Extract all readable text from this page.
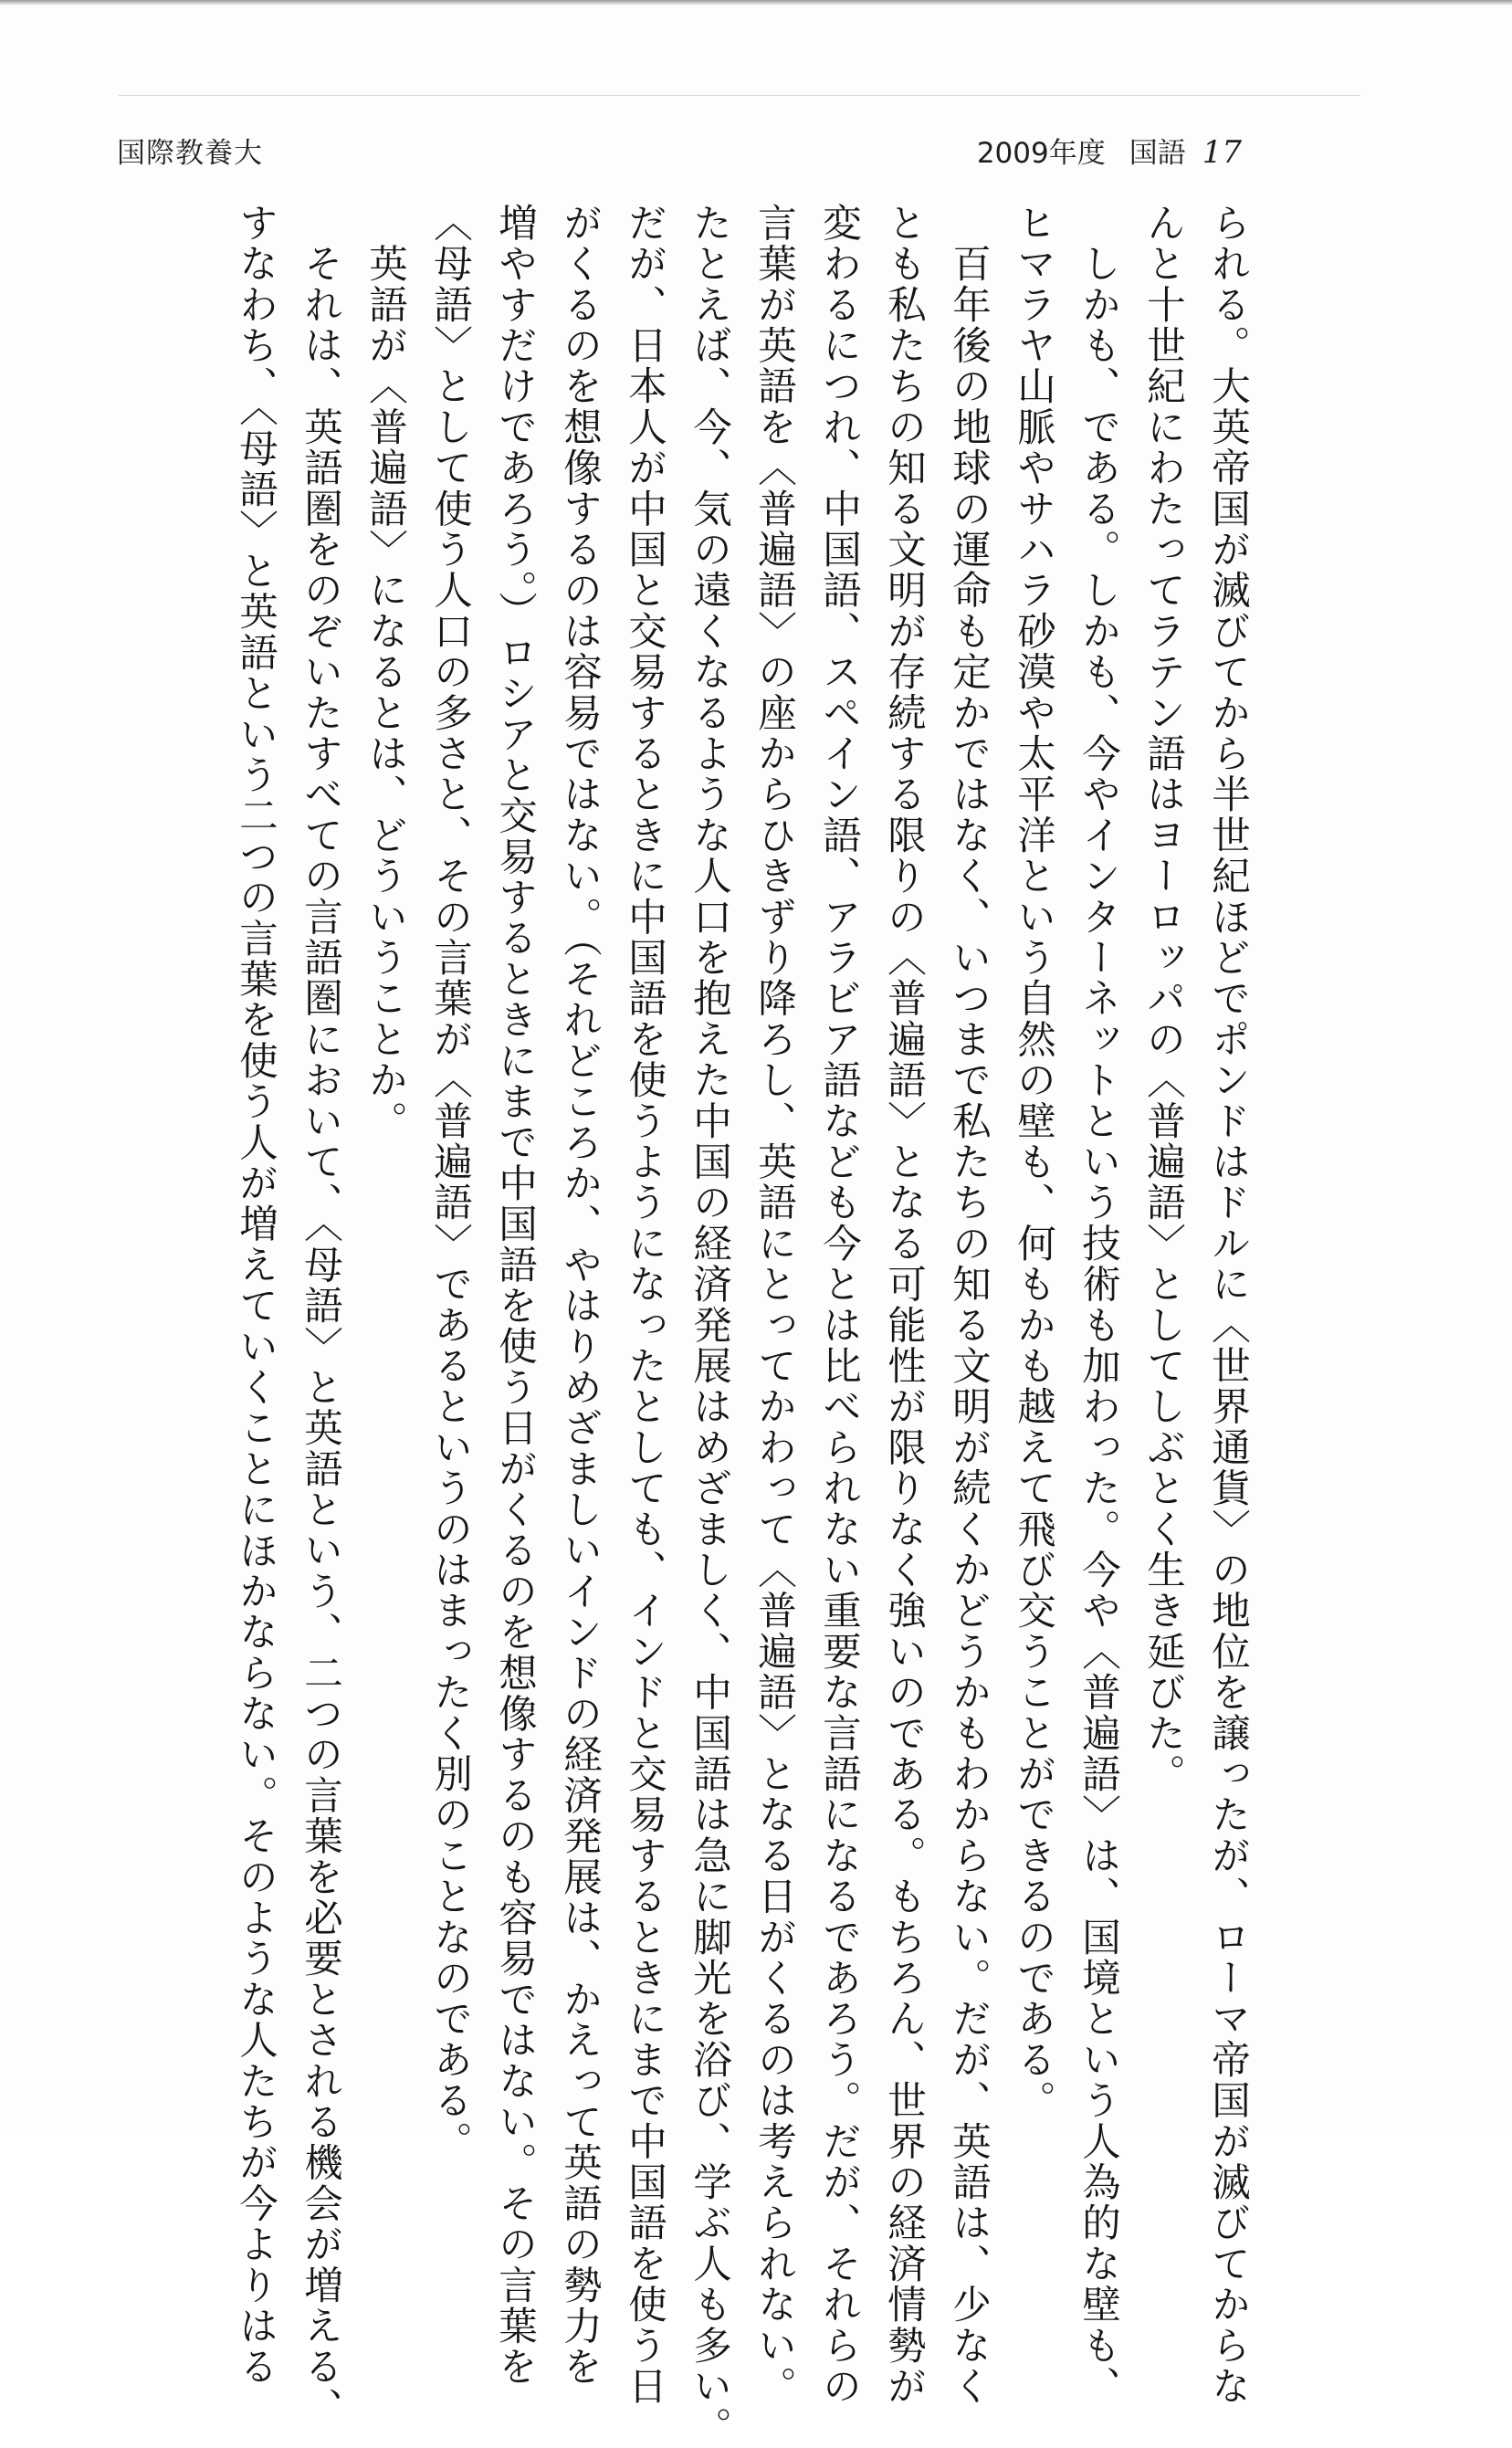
国際教養大	2009年度 国語 17
られる。大英帝国が滅びてから半世紀ほどでポンドはドルに〈世界通貨〉の地位を譲ったが、ローマ帝国が滅びてからな
んと十世紀にわたってラテン語はヨーロッパの〈普遍語〉としてしぶとく生き延びた。
　しかも、である。しかも、今やインターネットという技術も加わった。今や〈普遍語〉は、国境という人為的な壁も、
ヒマラヤ山脈やサハラ砂漠や太平洋という自然の壁も、何もかも越えて飛び交うことができるのである。
　百年後の地球の運命も定かではなく、いつまで私たちの知る文明が続くかどうかもわからない。だが、英語は、少なく
とも私たちの知る文明が存続する限りの〈普遍語〉となる可能性が限りなく強いのである。もちろん、世界の経済情勢が
変わるにつれ、中国語、スペイン語、アラビア語なども今とは比べられない重要な言語になるであろう。だが、それらの
言葉が英語を〈普遍語〉の座からひきずり降ろし、英語にとってかわって〈普遍語〉となる日がくるのは考えられない。
たとえば、今、気の遠くなるような人口を抱えた中国の経済発展はめざましく、中国語は急に脚光を浴び、学ぶ人も多い。
だが、日本人が中国と交易するときに中国語を使うようになったとしても、インドと交易するときにまで中国語を使う日
がくるのを想像するのは容易ではない。（それどころか、やはりめざましいインドの経済発展は、かえって英語の勢力を
増やすだけであろう。）ロシアと交易するときにまで中国語を使う日がくるのを想像するのも容易ではない。その言葉を
〈母語〉として使う人口の多さと、その言葉が〈普遍語〉であるというのはまったく別のことなのである。
　英語が〈普遍語〉になるとは、どういうことか。
　それは、英語圏をのぞいたすべての言語圏において、〈母語〉と英語という、二つの言葉を必要とされる機会が増える、
すなわち、〈母語〉と英語という二つの言葉を使う人が増えていくことにほかならない。そのような人たちが今よりはる
